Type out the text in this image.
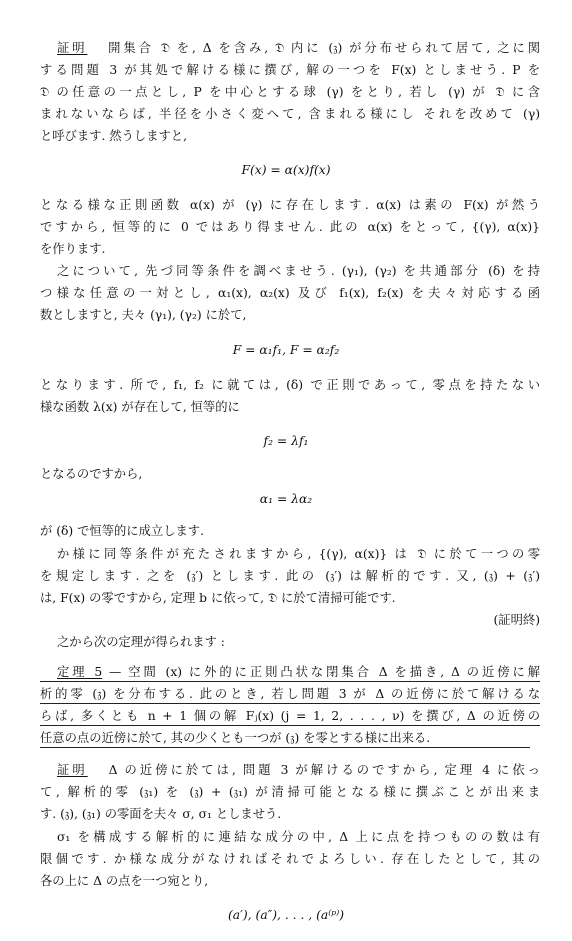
証明 開集合 𝔇 を, Δ を含み, 𝔇 内に (𝔷) が分布せられて居て, 之に関
する問題 3 が其処で解ける様に撰び, 解の一つを F(x) としませう. P を
𝔇 の任意の一点とし, P を中心とする球 (γ) をとり, 若し (γ) が 𝔇 に含
まれないならば, 半径を小さく変へて, 含まれる様にし それを改めて (γ)
と呼びます. 然うしますと,
F(x) = α(x)f(x)
となる様な正則函数 α(x) が (γ) に存在します. α(x) は素の F(x) が然う
ですから, 恒等的に 0 ではあり得ません. 此の α(x) をとって, {(γ), α(x)}
を作ります.
之について, 先づ同等条件を調べませう. (γ₁), (γ₂) を共通部分 (δ) を持
つ様な任意の一対とし, α₁(x), α₂(x) 及び f₁(x), f₂(x) を夫々対応する函
数としますと, 夫々 (γ₁), (γ₂) に於て,
F = α₁f₁, F = α₂f₂
となります. 所で, f₁, f₂ に就ては, (δ) で正則であって, 零点を持たない
様な函数 λ(x) が存在して, 恒等的に
f₂ = λf₁
となるのですから,
α₁ = λα₂
が (δ) で恒等的に成立します.
か様に同等条件が充たされますから, {(γ), α(x)} は 𝔇 に於て一つの零
を規定します. 之を (𝔷′) とします. 此の (𝔷′) は解析的です. 又, (𝔷) + (𝔷′)
は, F(x) の零ですから, 定理 b に依って, 𝔇 に於て清掃可能です.
(証明終)
之から次の定理が得られます :
定理 5 — 空間 (x) に外的に正則凸状な閉集合 Δ を描き, Δ の近傍に解
析的零 (𝔷) を分布する. 此のとき, 若し問題 3 が Δ の近傍に於て解けるな
らば, 多くとも n + 1 個の解 Fⱼ(x) (j = 1, 2, . . . , ν) を撰び, Δ の近傍の
任意の点の近傍に於て, 其の少くとも一つが (𝔷) を零とする様に出来る.
証明 Δ の近傍に於ては, 問題 3 が解けるのですから, 定理 4 に依っ
て, 解析的零 (𝔷₁) を (𝔷) + (𝔷₁) が清掃可能となる様に撰ぶことが出来ま
す. (𝔷), (𝔷₁) の零面を夫々 σ, σ₁ としませう.
σ₁ を構成する解析的に連結な成分の中, Δ 上に点を持つものの数は有
限個です. か様な成分がなければそれでよろしい. 存在したとして, 其の
各の上に Δ の点を一つ宛とり,
(a′), (a″), . . . , (a⁽ᵖ⁾)
